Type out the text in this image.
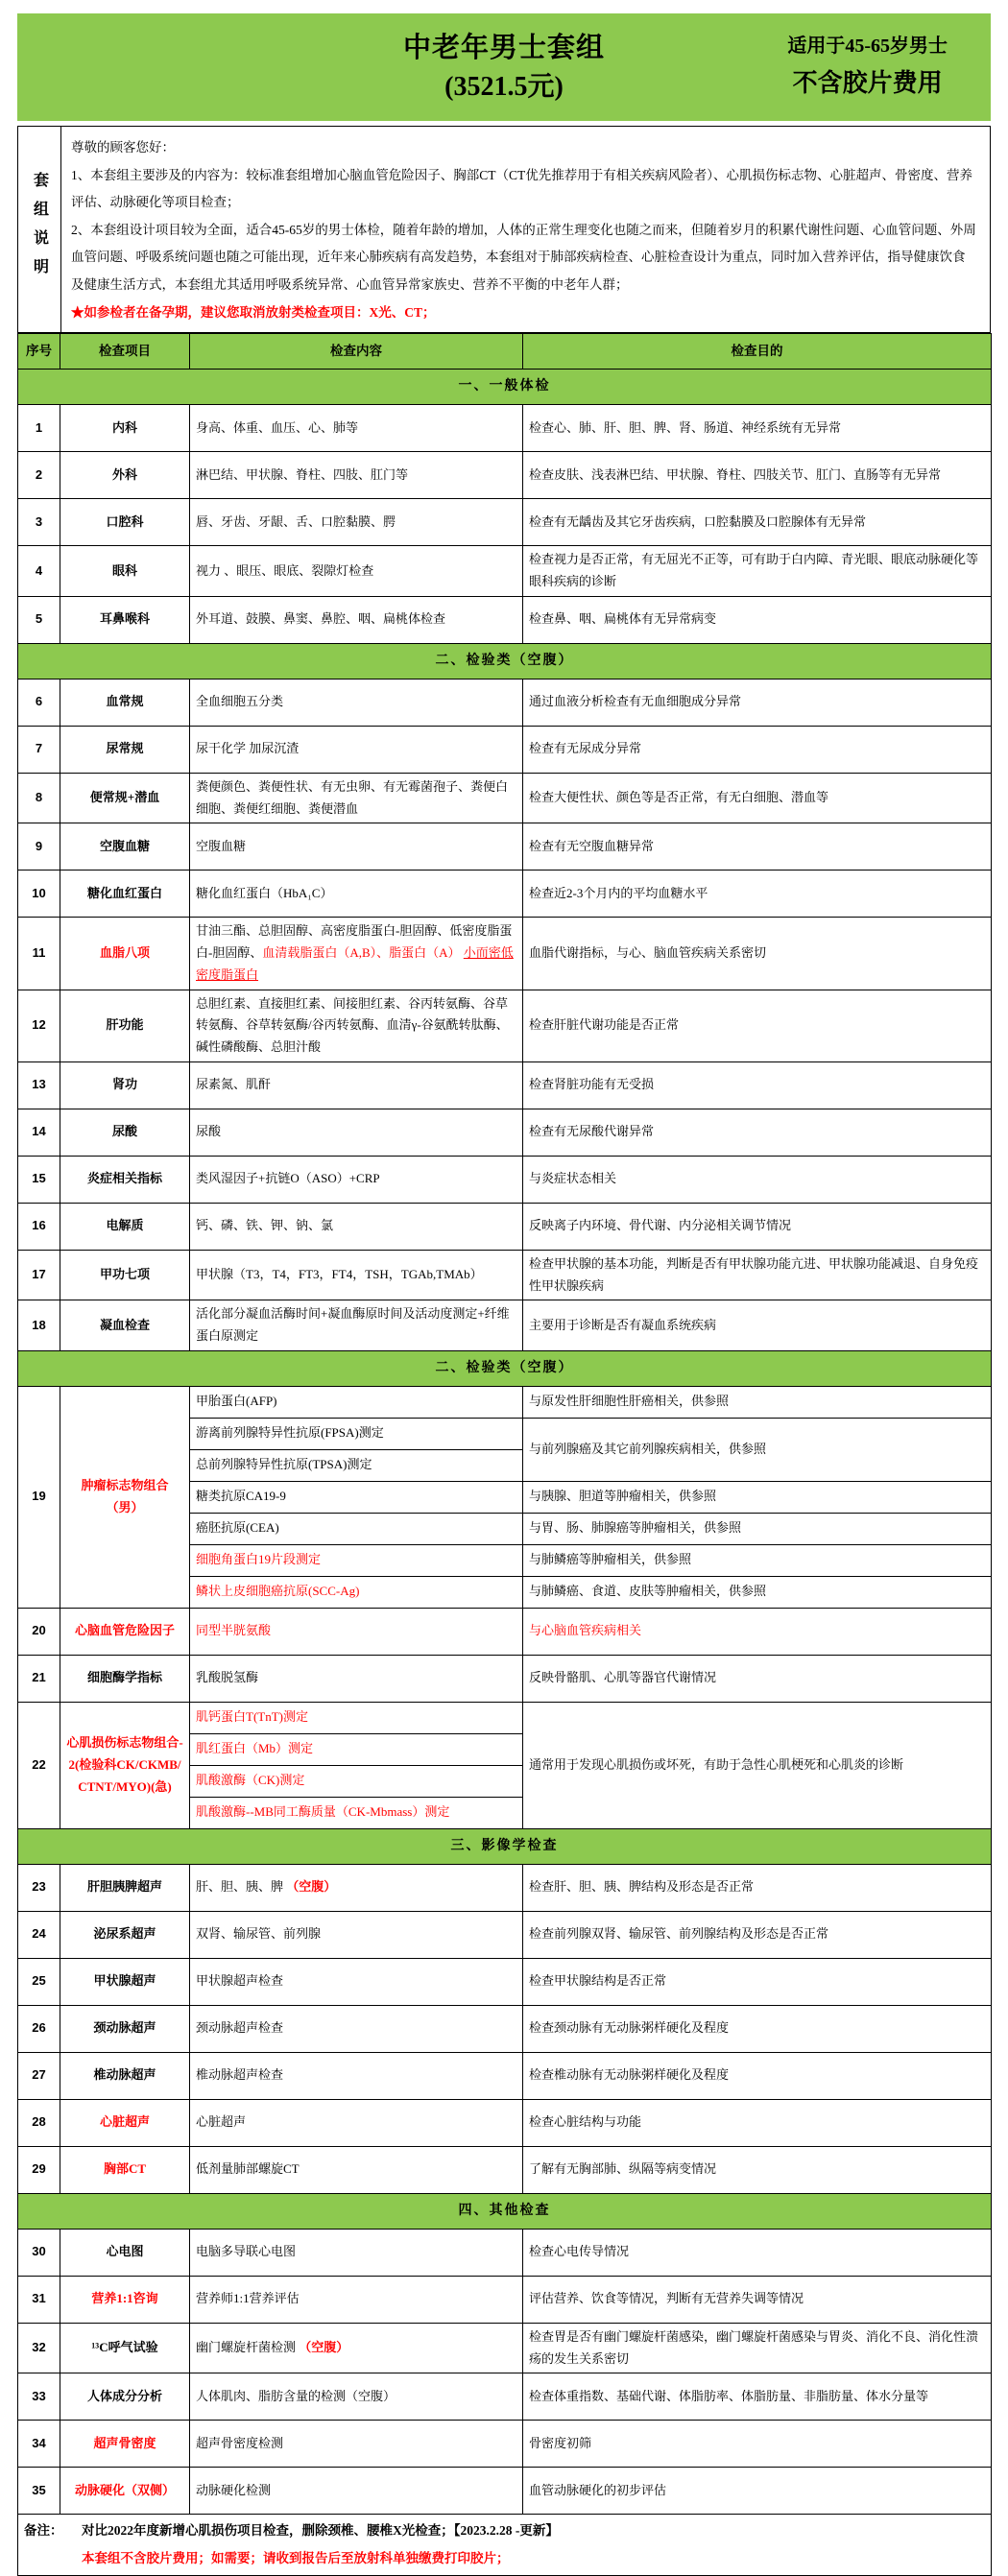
中老年男士套组
(3521.5元)
适用于45-65岁男士
不含胶片费用
套组说明
尊敬的顾客您好：
1、本套组主要涉及的内容为：较标准套组增加心脑血管危险因子、胸部CT（CT优先推荐用于有相关疾病风险者）、心肌损伤标志物、心脏超声、骨密度、营养评估、动脉硬化等项目检查；
2、本套组设计项目较为全面，适合45-65岁的男士体检，随着年龄的增加，人体的正常生理变化也随之而来，但随着岁月的积累代谢性问题、心血管问题、外周血管问题、呼吸系统问题也随之可能出现，近年来心肺疾病有高发趋势，本套组对于肺部疾病检查、心脏检查设计为重点，同时加入营养评估，指导健康饮食及健康生活方式，本套组尤其适用呼吸系统异常、心血管异常家族史、营养不平衡的中老年人群；
★如参检者在备孕期，建议您取消放射类检查项目：X光、CT；
序号	检查项目	检查内容	检查目的
一、一般体检			
1	内科	身高、体重、血压、心、肺等	检查心、肺、肝、胆、脾、肾、肠道、神经系统有无异常
2	外科	淋巴结、甲状腺、脊柱、四肢、肛门等	检查皮肤、浅表淋巴结、甲状腺、脊柱、四肢关节、肛门、直肠等有无异常
3	口腔科	唇、牙齿、牙龈、舌、口腔黏膜、腭	检查有无龋齿及其它牙齿疾病，口腔黏膜及口腔腺体有无异常
4	眼科	视力 、眼压、眼底、裂隙灯检查	检查视力是否正常，有无屈光不正等，可有助于白内障、青光眼、眼底动脉硬化等眼科疾病的诊断
5	耳鼻喉科	外耳道、鼓膜、鼻窦、鼻腔、咽、扁桃体检查	检查鼻、咽、扁桃体有无异常病变
二、检验类（空腹）			
6	血常规	全血细胞五分类	通过血液分析检查有无血细胞成分异常
7	尿常规	尿干化学 加尿沉渣	检查有无尿成分异常
8	便常规+潜血	粪便颜色、粪便性状、有无虫卵、有无霉菌孢子、粪便白细胞、粪便红细胞、粪便潜血	检查大便性状、颜色等是否正常，有无白细胞、潜血等
9	空腹血糖	空腹血糖	检查有无空腹血糖异常
10	糖化血红蛋白	糖化血红蛋白（HbA₁C）	检查近2-3个月内的平均血糖水平
11	血脂八项	甘油三酯、总胆固醇、高密度脂蛋白-胆固醇、低密度脂蛋白-胆固醇、血清载脂蛋白（A,B）、脂蛋白（A） 小而密低密度脂蛋白	血脂代谢指标，与心、脑血管疾病关系密切
12	肝功能	总胆红素、直接胆红素、间接胆红素、谷丙转氨酶、谷草转氨酶、谷草转氨酶/谷丙转氨酶、血清γ-谷氨酰转肽酶、碱性磷酸酶、总胆汁酸	检查肝脏代谢功能是否正常
13	肾功	尿素氮、肌酐	检查肾脏功能有无受损
14	尿酸	尿酸	检查有无尿酸代谢异常
15	炎症相关指标	类风湿因子+抗链O（ASO）+CRP	与炎症状态相关
16	电解质	钙、磷、铁、钾、钠、氯	反映离子内环境、骨代谢、内分泌相关调节情况
17	甲功七项	甲状腺（T3，T4，FT3，FT4，TSH，TGAb,TMAb）	检查甲状腺的基本功能，判断是否有甲状腺功能亢进、甲状腺功能减退、自身免疫性甲状腺疾病
18	凝血检查	活化部分凝血活酶时间+凝血酶原时间及活动度测定+纤维蛋白原测定	主要用于诊断是否有凝血系统疾病
二、检验类（空腹）			
19	肿瘤标志物组合（男）	甲胎蛋白(AFP)	与原发性肝细胞性肝癌相关，供参照
		游离前列腺特异性抗原(FPSA)测定	与前列腺癌及其它前列腺疾病相关，供参照
		总前列腺特异性抗原(TPSA)测定	
		糖类抗原CA19-9	与胰腺、胆道等肿瘤相关，供参照
		癌胚抗原(CEA)	与胃、肠、肺腺癌等肿瘤相关，供参照
		细胞角蛋白19片段测定	与肺鳞癌等肿瘤相关，供参照
		鳞状上皮细胞癌抗原(SCC-Ag)	与肺鳞癌、食道、皮肤等肿瘤相关，供参照
20	心脑血管危险因子	同型半胱氨酸	与心脑血管疾病相关
21	细胞酶学指标	乳酸脱氢酶	反映骨骼肌、心肌等器官代谢情况
22	心肌损伤标志物组合-2(检验科CK/CKMB/CTNT/MYO)(急)	肌钙蛋白T(TnT)测定	通常用于发现心肌损伤或坏死，有助于急性心肌梗死和心肌炎的诊断
		肌红蛋白（Mb）测定	
		肌酸激酶（CK)测定	
		肌酸激酶--MB同工酶质量（CK-Mbmass）测定	
三、影像学检查			
23	肝胆胰脾超声	肝、胆、胰、脾 （空腹）	检查肝、胆、胰、脾结构及形态是否正常
24	泌尿系超声	双肾、输尿管、前列腺	检查前列腺双肾、输尿管、前列腺结构及形态是否正常
25	甲状腺超声	甲状腺超声检查	检查甲状腺结构是否正常
26	颈动脉超声	颈动脉超声检查	检查颈动脉有无动脉粥样硬化及程度
27	椎动脉超声	椎动脉超声检查	检查椎动脉有无动脉粥样硬化及程度
28	心脏超声	心脏超声	检查心脏结构与功能
29	胸部CT	低剂量肺部螺旋CT	了解有无胸部肺、纵隔等病变情况
四、其他检查			
30	心电图	电脑多导联心电图	检查心电传导情况
31	营养1:1咨询	营养师1:1营养评估	评估营养、饮食等情况，判断有无营养失调等情况
32	¹³C呼气试验	幽门螺旋杆菌检测 （空腹）	检查胃是否有幽门螺旋杆菌感染，幽门螺旋杆菌感染与胃炎、消化不良、消化性溃疡的发生关系密切
33	人体成分分析	人体肌肉、脂肪含量的检测（空腹）	检查体重指数、基础代谢、体脂肪率、体脂肪量、非脂肪量、体水分量等
34	超声骨密度	超声骨密度检测	骨密度初筛
35	动脉硬化（双侧）	动脉硬化检测	血管动脉硬化的初步评估

备注： 对比2022年度新增心肌损伤项目检查，删除颈椎、腰椎X光检查；【2023.2.28 -更新】
本套组不含胶片费用；如需要；请收到报告后至放射科单独缴费打印胶片；			
